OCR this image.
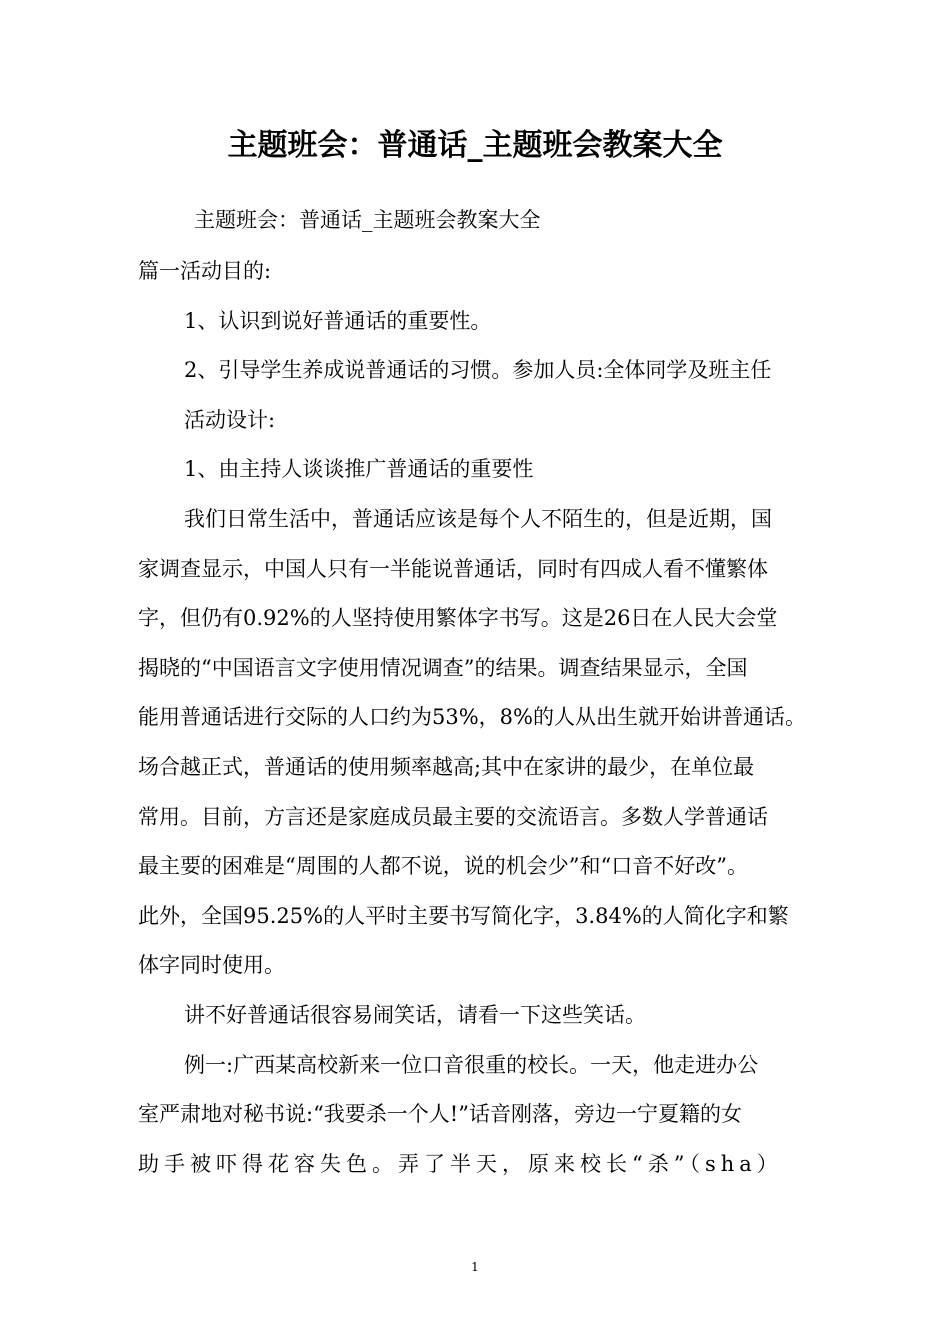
主题班会：普通话_主题班会教案大全
主题班会：普通话_主题班会教案大全
篇一活动目的:
1、认识到说好普通话的重要性。
2、引导学生养成说普通话的习惯。参加人员:全体同学及班主任
活动设计:
1、由主持人谈谈推广普通话的重要性
我们日常生活中，普通话应该是每个人不陌生的，但是近期，国
家调查显示，中国人只有一半能说普通话，同时有四成人看不懂繁体
字，但仍有0.92%的人坚持使用繁体字书写。这是26日在人民大会堂
揭晓的“中国语言文字使用情况调查”的结果。调查结果显示，全国
能用普通话进行交际的人口约为53%，8%的人从出生就开始讲普通话。
场合越正式，普通话的使用频率越高;其中在家讲的最少，在单位最
常用。目前，方言还是家庭成员最主要的交流语言。多数人学普通话
最主要的困难是“周围的人都不说，说的机会少”和“口音不好改”。
此外，全国95.25%的人平时主要书写简化字，3.84%的人简化字和繁
体字同时使用。
讲不好普通话很容易闹笑话，请看一下这些笑话。
例一:广西某高校新来一位口音很重的校长。一天，他走进办公
室严肃地对秘书说:“我要杀一个人!”话音刚落，旁边一宁夏籍的女
助手被吓得花容失色。弄了半天，原来校长“杀”（sha）
1
